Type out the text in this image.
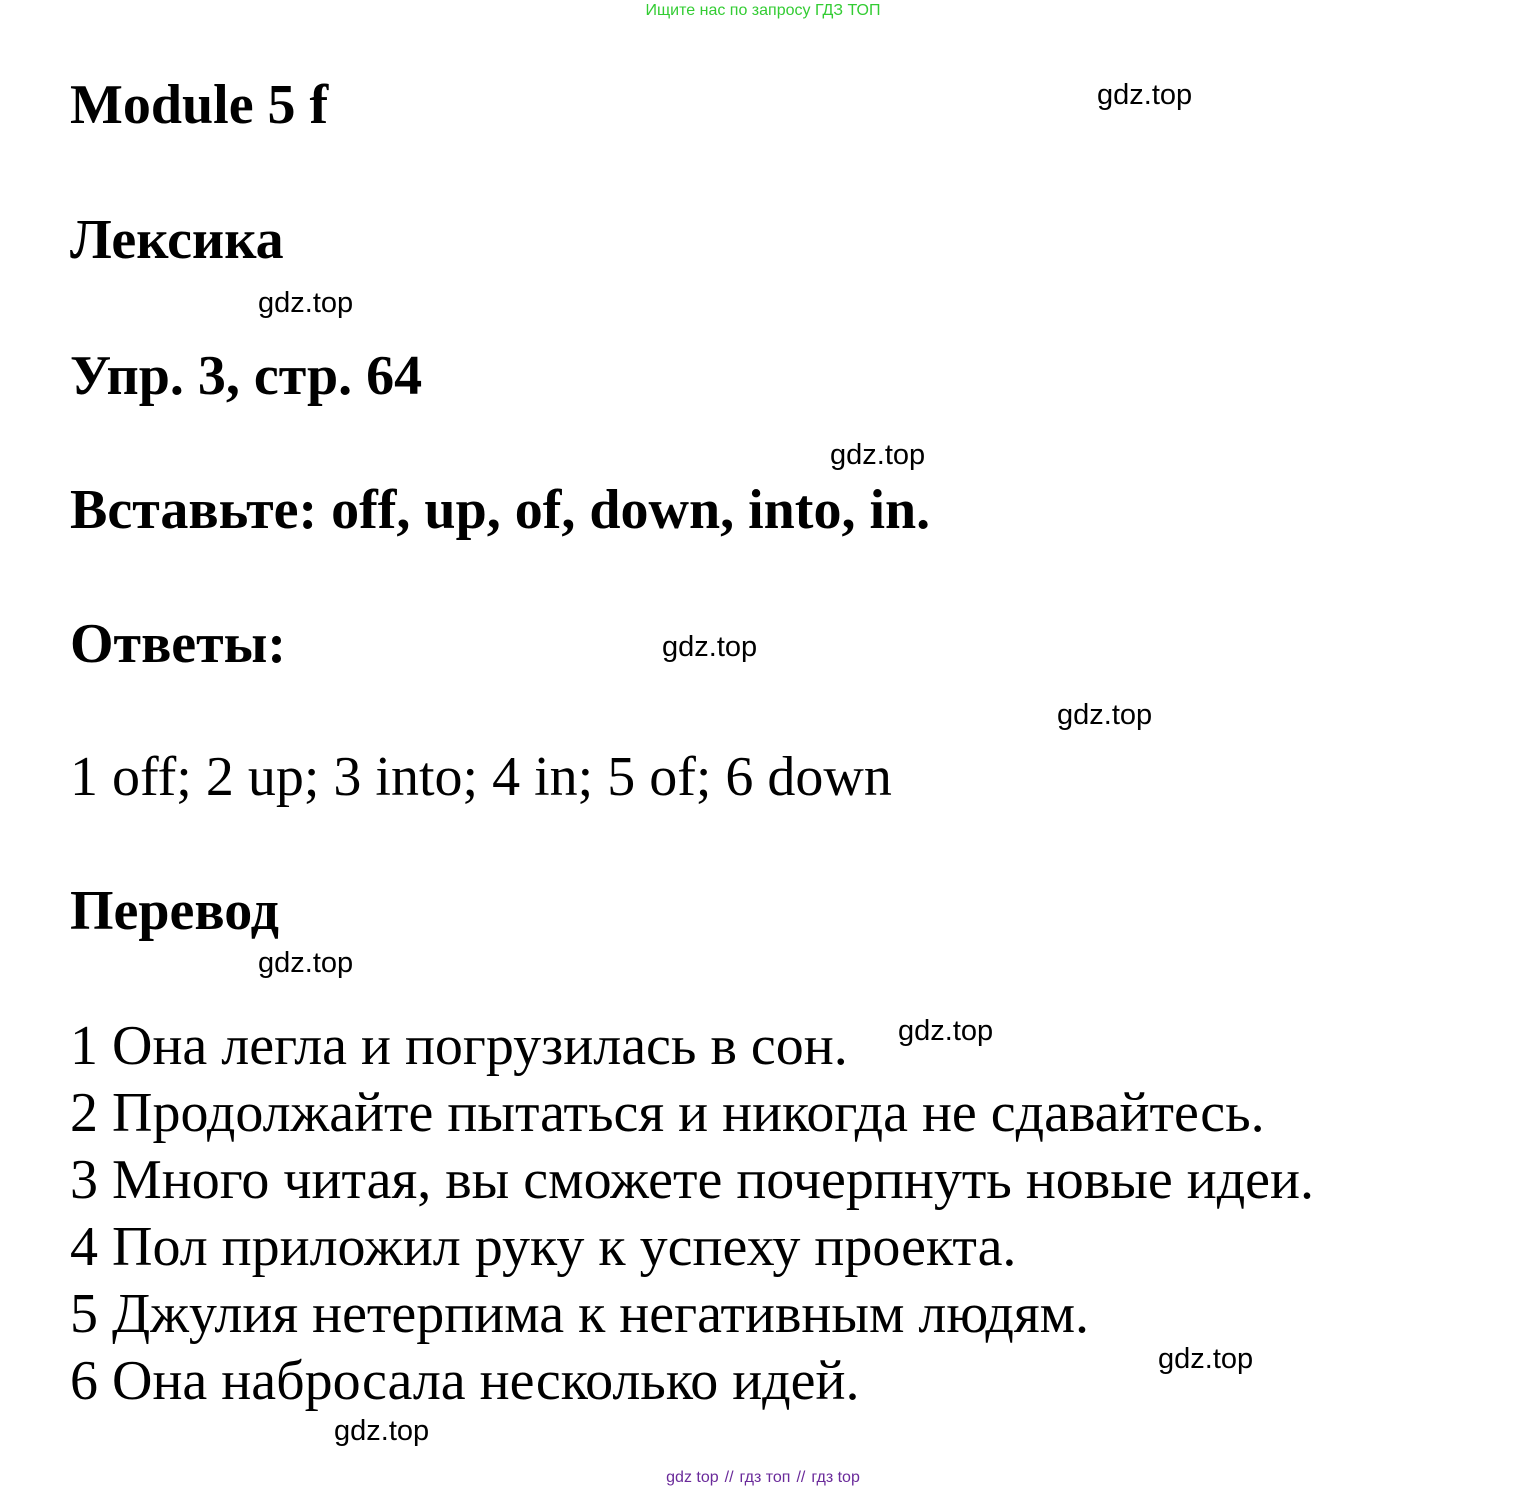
Ищите нас по запросу ГДЗ ТОП
Module 5 f
Лексика
Упр. 3, стр. 64
Вставьте: off, up, of, down, into, in.
Ответы:

1 off; 2 up; 3 into; 4 in; 5 of; 6 down

Перевод
1 Она легла и погрузилась в сон.
2 Продолжайте пытаться и никогда не сдавайтесь.
3 Много читая, вы сможете почерпнуть новые идеи.
4 Пол приложил руку к успеху проекта.
5 Джулия нетерпима к негативным людям.
6 Она набросала несколько идей.
gdz.top
gdz.top
gdz.top
gdz.top
gdz.top
gdz.top
gdz.top
gdz.top
gdz.top
gdz top // гдз топ // гдз top
